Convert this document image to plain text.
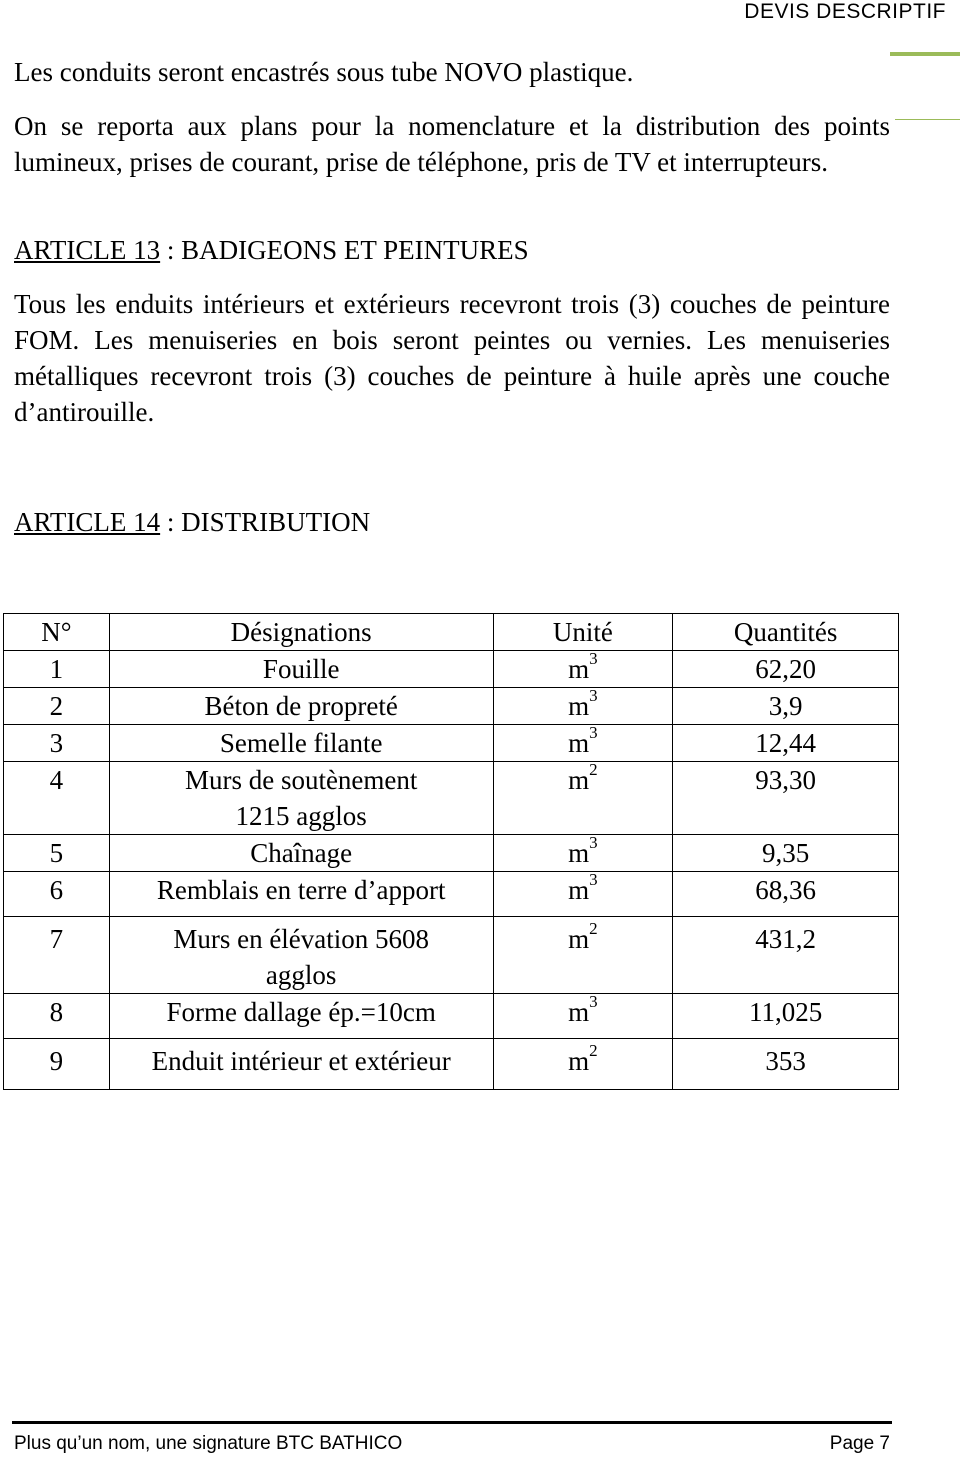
DEVIS DESCRIPTIF

Les conduits seront encastrés sous tube NOVO plastique.

On se reporta aux plans pour la nomenclature et la distribution des points lumineux, prises de courant, prise de téléphone, pris de TV et interrupteurs.

ARTICLE 13 : BADIGEONS ET PEINTURES

Tous les enduits intérieurs et extérieurs recevront trois (3) couches de peinture FOM. Les menuiseries en bois seront peintes ou vernies. Les menuiseries métalliques recevront trois (3) couches de peinture à huile après une couche d’antirouille.

ARTICLE 14 : DISTRIBUTION

N°	Désignations	Unité	Quantités
1	Fouille	$m^3$	62,20
2	Béton de propreté	$m^3$	3,9
3	Semelle filante	$m^3$	12,44
4	Murs de soutènement 1215 agglos	$m^2$	93,30
5	Chaînage	$m^3$	9,35
6	Remblais en terre d’apport	$m^3$	68,36
7	Murs en élévation 5608 agglos	$m^2$	431,2
8	Forme dallage ép.=10cm	$m^3$	11,025
9	Enduit intérieur et extérieur	$m^2$	353
Plus qu’un nom, une signature BTC BATHICO	Page 7
